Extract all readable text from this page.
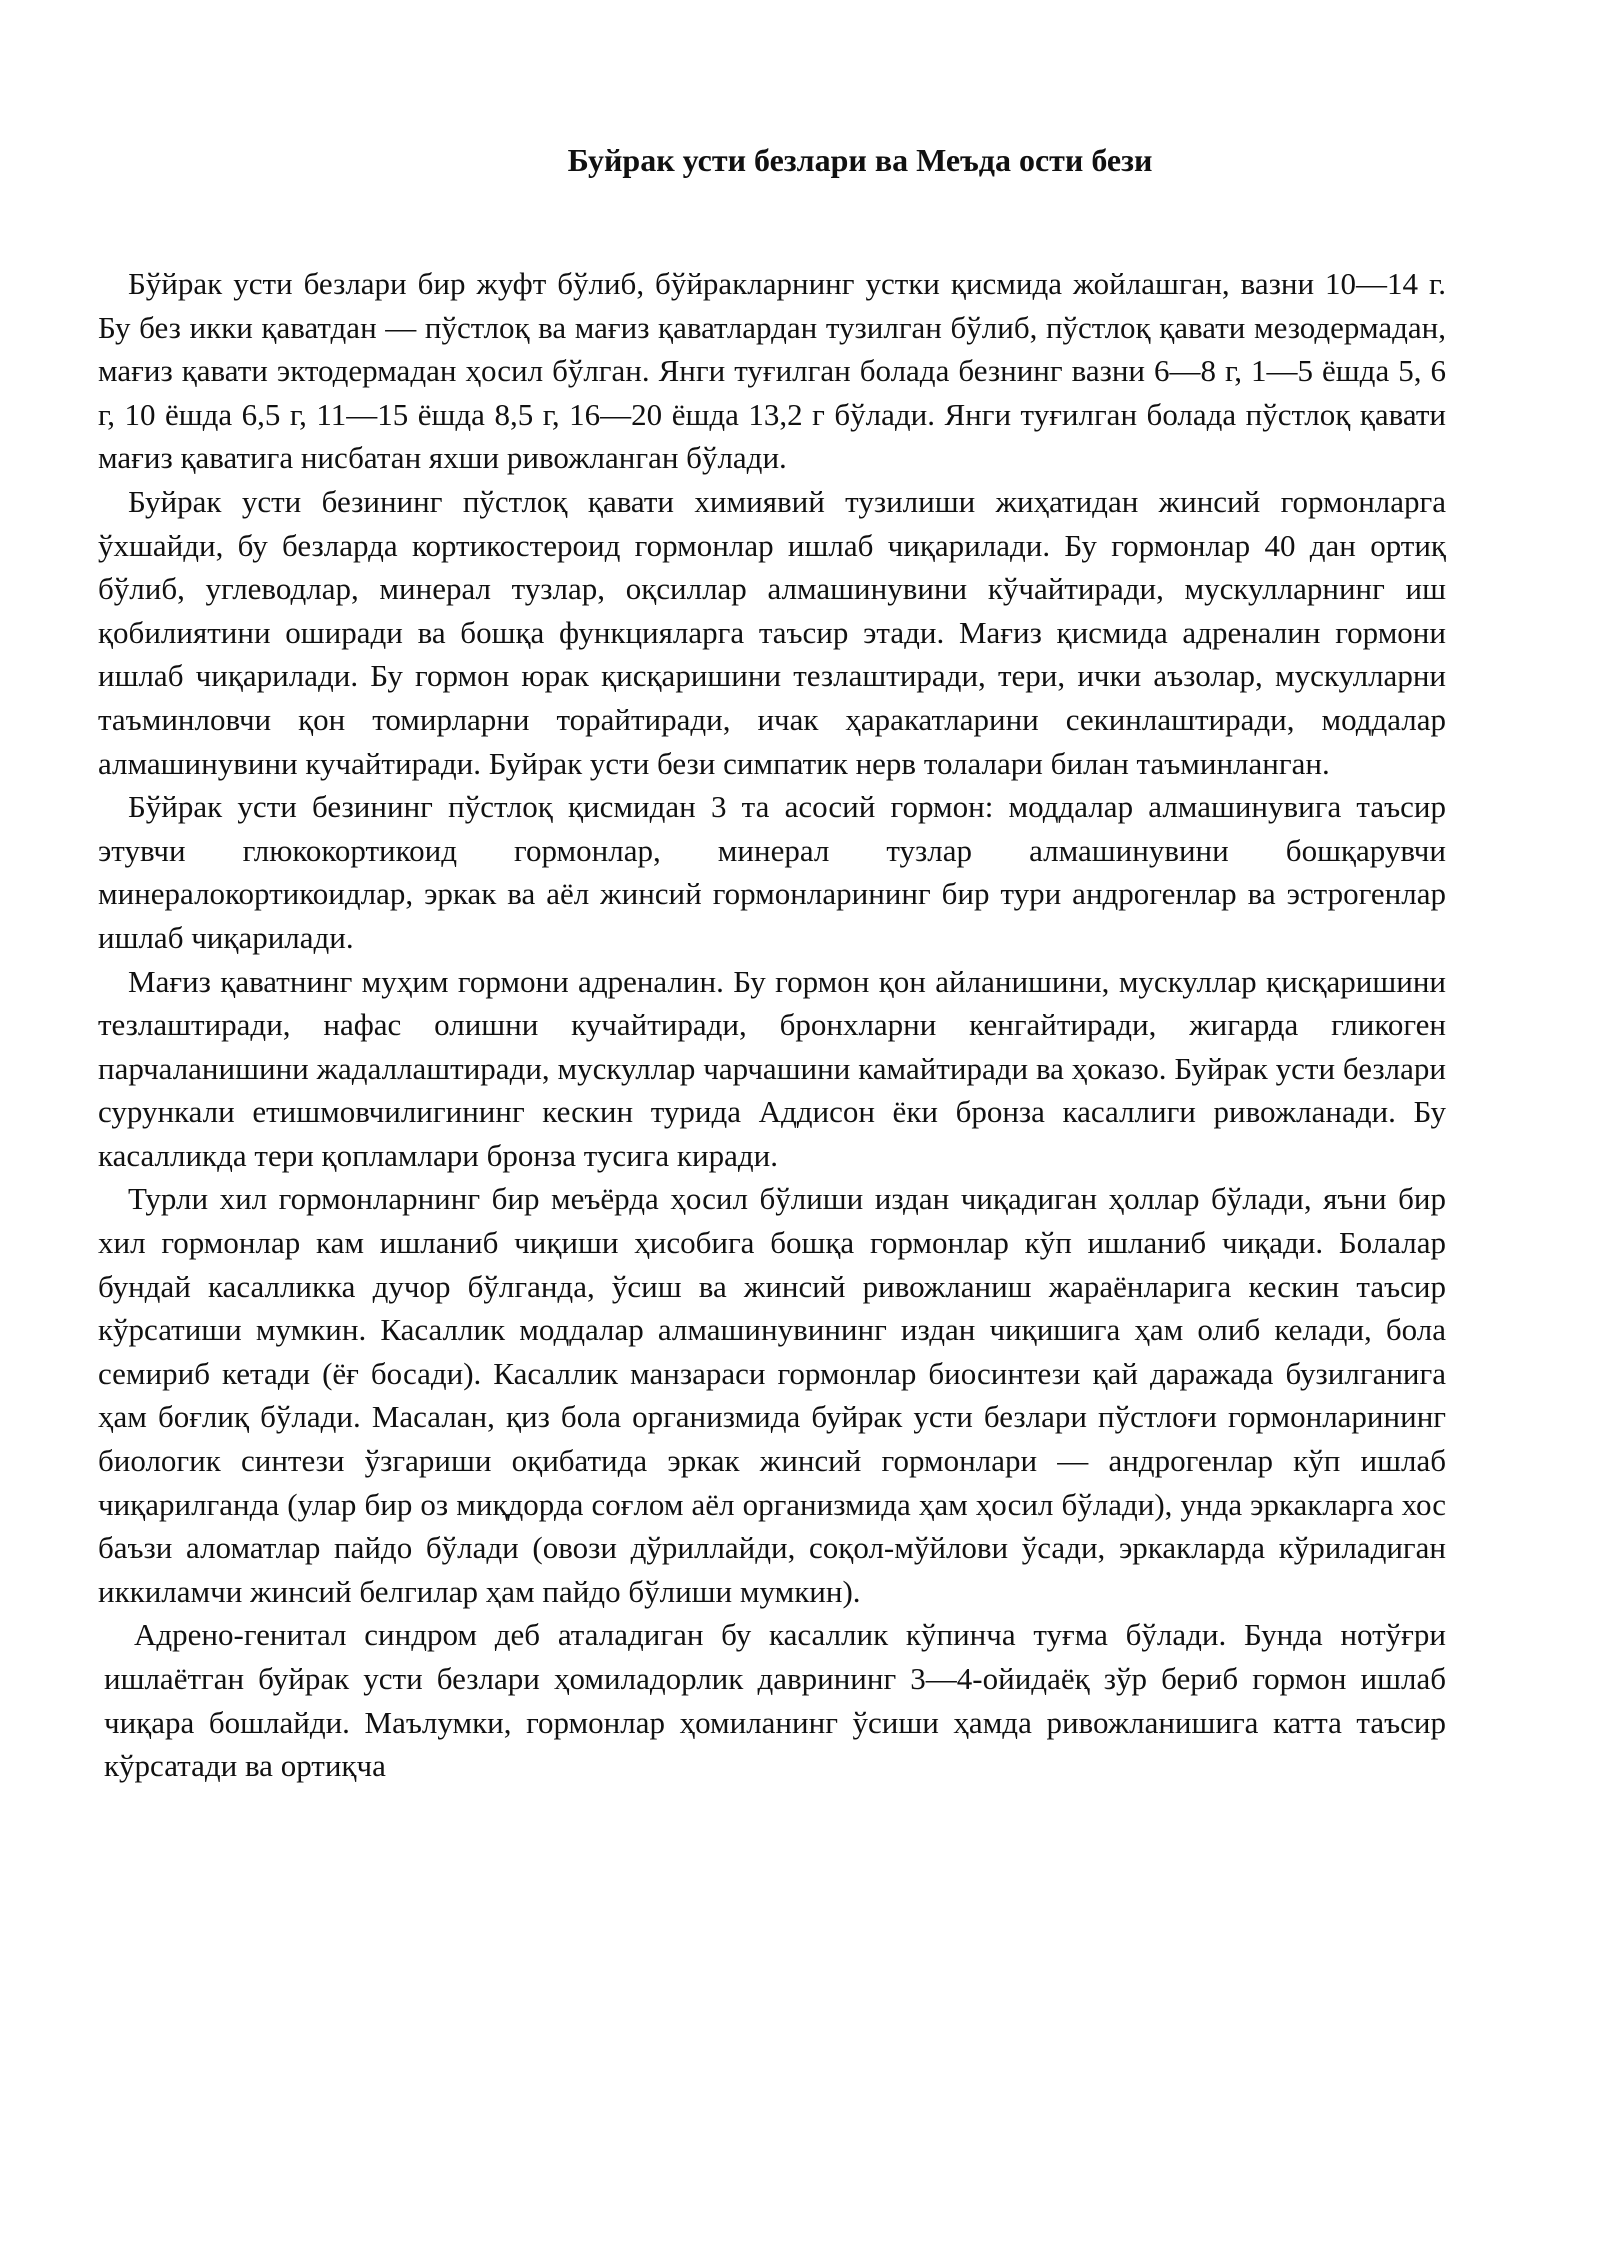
Буйрак усти безлари ва Меъда ости бези

Бўйрак усти безлари бир жуфт бўлиб, бўйракларнинг устки қисмида жойлашган, вазни 10—14 г. Бу без икки қаватдан — пўстлоқ ва мағиз қаватлардан тузилган бўлиб, пўстлоқ қавати мезодермадан, мағиз қавати эктодермадан ҳосил бўлган. Янги туғилган болада безнинг вазни 6—8 г, 1—5 ёшда 5, 6 г, 10 ёшда 6,5 г, 11—15 ёшда 8,5 г, 16—20 ёшда 13,2 г бўлади. Янги туғилган болада пўстлоқ қавати мағиз қаватига нисбатан яхши ривожланган бўлади.

Буйрак усти безининг пўстлоқ қавати химиявий тузилиши жиҳатидан жинсий гормонларга ўхшайди, бу безларда кортикостероид гормонлар ишлаб чиқарилади. Бу гормонлар 40 дан ортиқ бўлиб, углеводлар, минерал тузлар, оқсиллар алмашинувини кўчайтиради, мускулларнинг иш қобилиятини оширади ва бошқа функцияларга таъсир этади. Мағиз қисмида адреналин гормони ишлаб чиқарилади. Бу гормон юрак қисқаришини тезлаштиради, тери, ички аъзолар, мускулларни таъминловчи қон томирларни торайтиради, ичак ҳаракатларини секинлаштиради, моддалар алмашинувини кучайтиради. Буйрак усти бези симпатик нерв толалари билан таъминланган.

Бўйрак усти безининг пўстлоқ қисмидан 3 та асосий гормон: моддалар алмашинувига таъсир этувчи глюкокортикоид гормонлар, минерал тузлар алмашинувини бошқарувчи минералокортикоидлар, эркак ва аёл жинсий гормонларининг бир тури андрогенлар ва эстрогенлар ишлаб чиқарилади.

Мағиз қаватнинг муҳим гормони адреналин. Бу гормон қон айланишини, мускуллар қисқаришини тезлаштиради, нафас олишни кучайтиради, бронхларни кенгайтиради, жигарда гликоген парчаланишини жадаллаштиради, мускуллар чарчашини камайтиради ва ҳоказо. Буйрак усти безлари сурункали етишмовчилигининг кескин турида Аддисон ёки бронза касаллиги ривожланади. Бу касалликда тери қопламлари бронза тусига киради.

Турли хил гормонларнинг бир меъёрда ҳосил бўлиши издан чиқадиган ҳоллар бўлади, яъни бир хил гормонлар кам ишланиб чиқиши ҳисобига бошқа гормонлар кўп ишланиб чиқади. Болалар бундай касалликка дучор бўлганда, ўсиш ва жинсий ривожланиш жараёнларига кескин таъсир кўрсатиши мумкин. Касаллик моддалар алмашинувининг издан чиқишига ҳам олиб келади, бола семириб кетади (ёғ босади). Касаллик манзараси гормонлар биосинтези қай даражада бузилганига ҳам боғлиқ бўлади. Масалан, қиз бола организмида буйрак усти безлари пўстлоғи гормонларининг биологик синтези ўзгариши оқибатида эркак жинсий гормонлари — андрогенлар кўп ишлаб чиқарилганда (улар бир оз миқдорда соғлом аёл организмида ҳам ҳосил бўлади), унда эркакларга хос баъзи аломатлар пайдо бўлади (овози дўриллайди, соқол-мўйлови ўсади, эркакларда кўриладиган иккиламчи жинсий белгилар ҳам пайдо бўлиши мумкин).

Адрено-генитал синдром деб аталадиган бу касаллик кўпинча туғма бўлади. Бунда нотўғри ишлаётган буйрак усти безлари ҳомиладорлик даврининг 3—4-ойидаёқ зўр бериб гормон ишлаб чиқара бошлайди. Маълумки, гормонлар ҳомиланинг ўсиши ҳамда ривожланишига катта таъсир кўрсатади ва ортиқча
